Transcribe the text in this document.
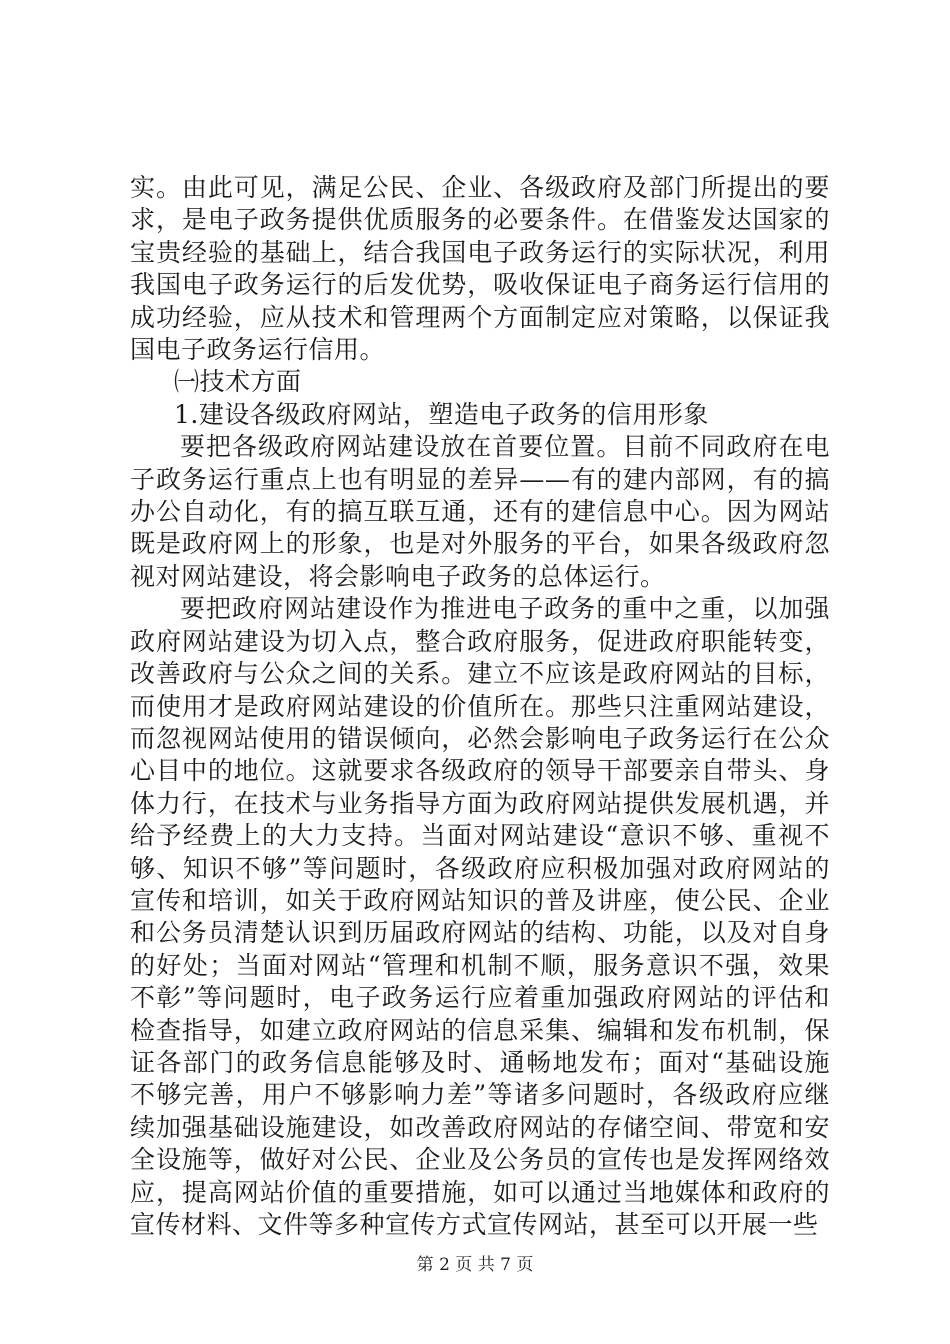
实。由此可见，满足公民、企业、各级政府及部门所提出的要求，是电子政务提供优质服务的必要条件。在借鉴发达国家的宝贵经验的基础上，结合我国电子政务运行的实际状况，利用我国电子政务运行的后发优势，吸收保证电子商务运行信用的成功经验，应从技术和管理两个方面制定应对策略，以保证我国电子政务运行信用。

㈠技术方面

1.建设各级政府网站，塑造电子政务的信用形象

要把各级政府网站建设放在首要位置。目前不同政府在电子政务运行重点上也有明显的差异——有的建内部网，有的搞办公自动化，有的搞互联互通，还有的建信息中心。因为网站既是政府网上的形象，也是对外服务的平台，如果各级政府忽视对网站建设，将会影响电子政务的总体运行。

要把政府网站建设作为推进电子政务的重中之重，以加强政府网站建设为切入点，整合政府服务，促进政府职能转变，改善政府与公众之间的关系。建立不应该是政府网站的目标，而使用才是政府网站建设的价值所在。那些只注重网站建设，而忽视网站使用的错误倾向，必然会影响电子政务运行在公众心目中的地位。这就要求各级政府的领导干部要亲自带头、身体力行，在技术与业务指导方面为政府网站提供发展机遇，并给予经费上的大力支持。当面对网站建设“意识不够、重视不够、知识不够”等问题时，各级政府应积极加强对政府网站的宣传和培训，如关于政府网站知识的普及讲座，使公民、企业和公务员清楚认识到历届政府网站的结构、功能，以及对自身的好处；当面对网站“管理和机制不顺，服务意识不强，效果不彰”等问题时，电子政务运行应着重加强政府网站的评估和检查指导，如建立政府网站的信息采集、编辑和发布机制，保证各部门的政务信息能够及时、通畅地发布；面对“基础设施不够完善，用户不够影响力差”等诸多问题时，各级政府应继续加强基础设施建设，如改善政府网站的存储空间、带宽和安全设施等，做好对公民、企业及公务员的宣传也是发挥网络效应，提高网站价值的重要措施，如可以通过当地媒体和政府的宣传材料、文件等多种宣传方式宣传网站，甚至可以开展一些

第 2 页 共 7 页
